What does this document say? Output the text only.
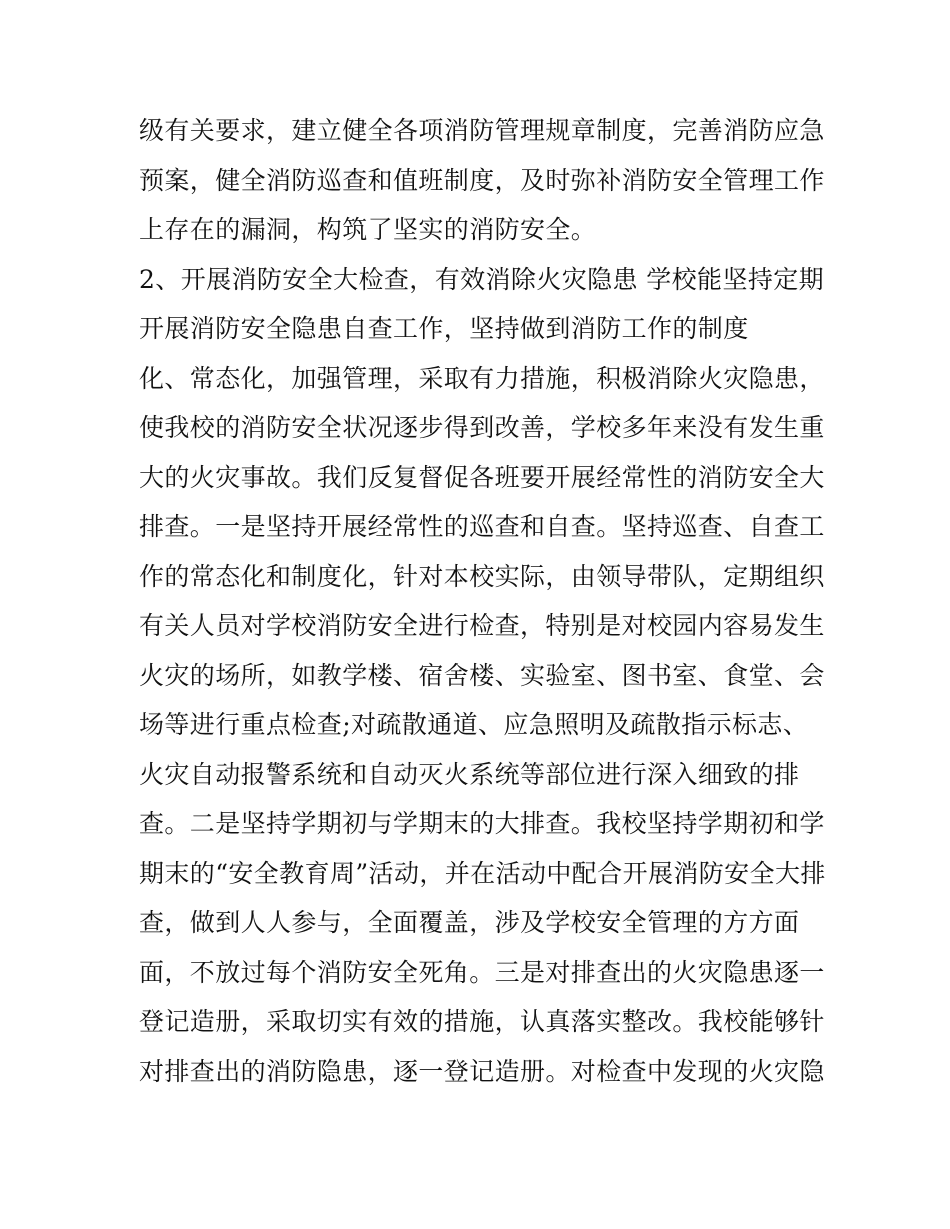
级有关要求，建立健全各项消防管理规章制度，完善消防应急
预案，健全消防巡查和值班制度，及时弥补消防安全管理工作
上存在的漏洞，构筑了坚实的消防安全。
2、开展消防安全大检查，有效消除火灾隐患 学校能坚持定期
开展消防安全隐患自查工作，坚持做到消防工作的制度
化、常态化，加强管理，采取有力措施，积极消除火灾隐患，
使我校的消防安全状况逐步得到改善，学校多年来没有发生重
大的火灾事故。我们反复督促各班要开展经常性的消防安全大
排查。一是坚持开展经常性的巡查和自查。坚持巡查、自查工
作的常态化和制度化，针对本校实际，由领导带队，定期组织
有关人员对学校消防安全进行检查，特别是对校园内容易发生
火灾的场所，如教学楼、宿舍楼、实验室、图书室、食堂、会
场等进行重点检查;对疏散通道、应急照明及疏散指示标志、
火灾自动报警系统和自动灭火系统等部位进行深入细致的排
查。二是坚持学期初与学期末的大排查。我校坚持学期初和学
期末的“安全教育周”活动，并在活动中配合开展消防安全大排
查，做到人人参与，全面覆盖，涉及学校安全管理的方方面
面，不放过每个消防安全死角。三是对排查出的火灾隐患逐一
登记造册，采取切实有效的措施，认真落实整改。我校能够针
对排查出的消防隐患，逐一登记造册。对检查中发现的火灾隐
